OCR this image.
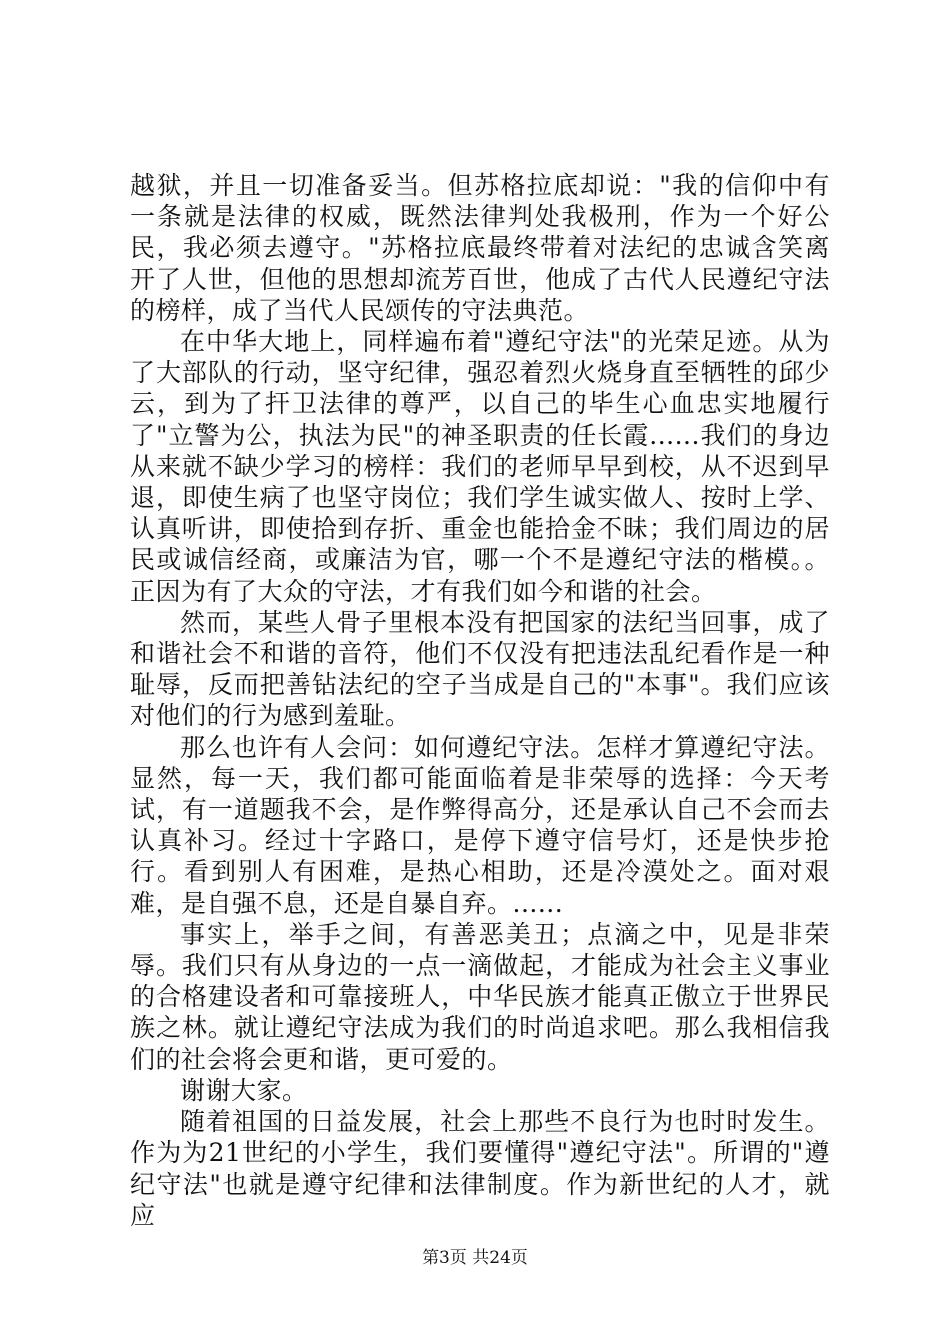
越狱，并且一切准备妥当。但苏格拉底却说："我的信仰中有一条就是法律的权威，既然法律判处我极刑，作为一个好公民，我必须去遵守。"苏格拉底最终带着对法纪的忠诚含笑离开了人世，但他的思想却流芳百世，他成了古代人民遵纪守法的榜样，成了当代人民颂传的守法典范。

在中华大地上，同样遍布着"遵纪守法"的光荣足迹。从为了大部队的行动，坚守纪律，强忍着烈火烧身直至牺牲的邱少云，到为了扞卫法律的尊严，以自己的毕生心血忠实地履行了"立警为公，执法为民"的神圣职责的任长霞......我们的身边从来就不缺少学习的榜样：我们的老师早早到校，从不迟到早退，即使生病了也坚守岗位；我们学生诚实做人、按时上学、认真听讲，即使拾到存折、重金也能拾金不昧；我们周边的居民或诚信经商，或廉洁为官，哪一个不是遵纪守法的楷模。。正因为有了大众的守法，才有我们如今和谐的社会。

然而，某些人骨子里根本没有把国家的法纪当回事，成了和谐社会不和谐的音符，他们不仅没有把违法乱纪看作是一种耻辱，反而把善钻法纪的空子当成是自己的"本事"。我们应该对他们的行为感到羞耻。

那么也许有人会问：如何遵纪守法。怎样才算遵纪守法。显然，每一天，我们都可能面临着是非荣辱的选择：今天考试，有一道题我不会，是作弊得高分，还是承认自己不会而去认真补习。经过十字路口，是停下遵守信号灯，还是快步抢行。看到别人有困难，是热心相助，还是冷漠处之。面对艰难，是自强不息，还是自暴自弃。......

事实上，举手之间，有善恶美丑；点滴之中，见是非荣辱。我们只有从身边的一点一滴做起，才能成为社会主义事业的合格建设者和可靠接班人，中华民族才能真正傲立于世界民族之林。就让遵纪守法成为我们的时尚追求吧。那么我相信我们的社会将会更和谐，更可爱的。

谢谢大家。

随着祖国的日益发展，社会上那些不良行为也时时发生。作为为21世纪的小学生，我们要懂得"遵纪守法"。所谓的"遵纪守法"也就是遵守纪律和法律制度。作为新世纪的人才，就应

第3页 共24页
